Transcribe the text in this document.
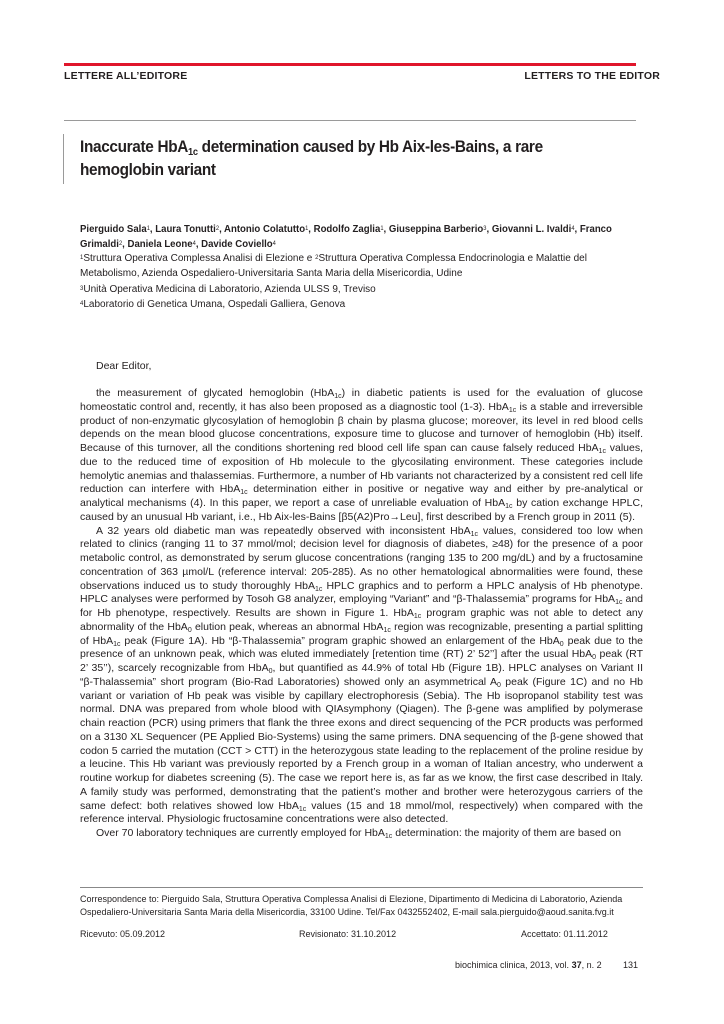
LETTERE ALL’EDITORE	LETTERS TO THE EDITOR
Inaccurate HbA$_{1c}$ determination caused by Hb Aix-les-Bains, a rare hemoglobin variant
Pierguido Sala$^1$, Laura Tonutti$^2$, Antonio Colatutto$^1$, Rodolfo Zaglia$^1$, Giuseppina Barberio$^3$, Giovanni L. Ivaldi$^4$, Franco Grimaldi$^2$, Daniela Leone$^4$, Davide Coviello$^4$
$^1$Struttura Operativa Complessa Analisi di Elezione e $^2$Struttura Operativa Complessa Endocrinologia e Malattie del
Metabolismo, Azienda Ospedaliero-Universitaria Santa Maria della Misericordia, Udine
$^3$Unità Operativa Medicina di Laboratorio, Azienda ULSS 9, Treviso
$^4$Laboratorio di Genetica Umana, Ospedali Galliera, Genova
Dear Editor,

the measurement of glycated hemoglobin (HbA$_{1c}$) in diabetic patients is used for the evaluation of glucose homeostatic control and, recently, it has also been proposed as a diagnostic tool (1-3). HbA$_{1c}$ is a stable and irreversible product of non-enzymatic glycosylation of hemoglobin β chain by plasma glucose; moreover, its level in red blood cells depends on the mean blood glucose concentrations, exposure time to glucose and turnover of hemoglobin (Hb) itself. Because of this turnover, all the conditions shortening red blood cell life span can cause falsely reduced HbA$_{1c}$ values, due to the reduced time of exposition of Hb molecule to the glycosilating environment. These categories include hemolytic anemias and thalassemias. Furthermore, a number of Hb variants not characterized by a consistent red cell life reduction can interfere with HbA$_{1c}$ determination either in positive or negative way and either by pre-analytical or analytical mechanisms (4). In this paper, we report a case of unreliable evaluation of HbA$_{1c}$ by cation exchange HPLC, caused by an unusual Hb variant, i.e., Hb Aix-les-Bains [β5(A2)Pro→Leu], first described by a French group in 2011 (5).

A 32 years old diabetic man was repeatedly observed with inconsistent HbA$_{1c}$ values, considered too low when related to clinics (ranging 11 to 37 mmol/mol; decision level for diagnosis of diabetes, ≥48) for the presence of a poor metabolic control, as demonstrated by serum glucose concentrations (ranging 135 to 200 mg/dL) and by a fructosamine concentration of 363 µmol/L (reference interval: 205-285). As no other hematological abnormalities were found, these observations induced us to study thoroughly HbA$_{1c}$ HPLC graphics and to perform a HPLC analysis of Hb phenotype. HPLC analyses were performed by Tosoh G8 analyzer, employing “Variant” and “β-Thalassemia” programs for HbA$_{1c}$ and for Hb phenotype, respectively. Results are shown in Figure 1. HbA$_{1c}$ program graphic was not able to detect any abnormality of the HbA$_0$ elution peak, whereas an abnormal HbA$_{1c}$ region was recognizable, presenting a partial splitting of HbA$_{1c}$ peak (Figure 1A). Hb “β-Thalassemia” program graphic showed an enlargement of the HbA$_0$ peak due to the presence of an unknown peak, which was eluted immediately [retention time (RT) 2’ 52’’] after the usual HbA$_0$ peak (RT 2’ 35’’), scarcely recognizable from HbA$_0$, but quantified as 44.9% of total Hb (Figure 1B). HPLC analyses on Variant II “β-Thalassemia” short program (Bio-Rad Laboratories) showed only an asymmetrical $A_0$ peak (Figure 1C) and no Hb variant or variation of Hb peak was visible by capillary electrophoresis (Sebia). The Hb isopropanol stability test was normal. DNA was prepared from whole blood with QIAsymphony (Qiagen). The β-gene was amplified by polymerase chain reaction (PCR) using primers that flank the three exons and direct sequencing of the PCR products was performed on a 3130 XL Sequencer (PE Applied Bio-Systems) using the same primers. DNA sequencing of the β-gene showed that codon 5 carried the mutation (CCT > CTT) in the heterozygous state leading to the replacement of the proline residue by a leucine. This Hb variant was previously reported by a French group in a woman of Italian ancestry, who underwent a routine workup for diabetes screening (5). The case we report here is, as far as we know, the first case described in Italy. A family study was performed, demonstrating that the patient’s mother and brother were heterozygous carriers of the same defect: both relatives showed low HbA$_{1c}$ values (15 and 18 mmol/mol, respectively) when compared with the reference interval. Physiologic fructosamine concentrations were also detected.

Over 70 laboratory techniques are currently employed for HbA$_{1c}$ determination: the majority of them are based on

Correspondence to: Pierguido Sala, Struttura Operativa Complessa Analisi di Elezione, Dipartimento di Medicina di Laboratorio, Azienda Ospedaliero-Universitaria Santa Maria della Misericordia, 33100 Udine. Tel/Fax 0432552402, E-mail sala.pierguido@aoud.sanita.fvg.it
Ricevuto: 05.09.2012	Revisionato: 31.10.2012	Accettato: 01.11.2012
biochimica clinica, 2013, vol. 37, n. 2 131
